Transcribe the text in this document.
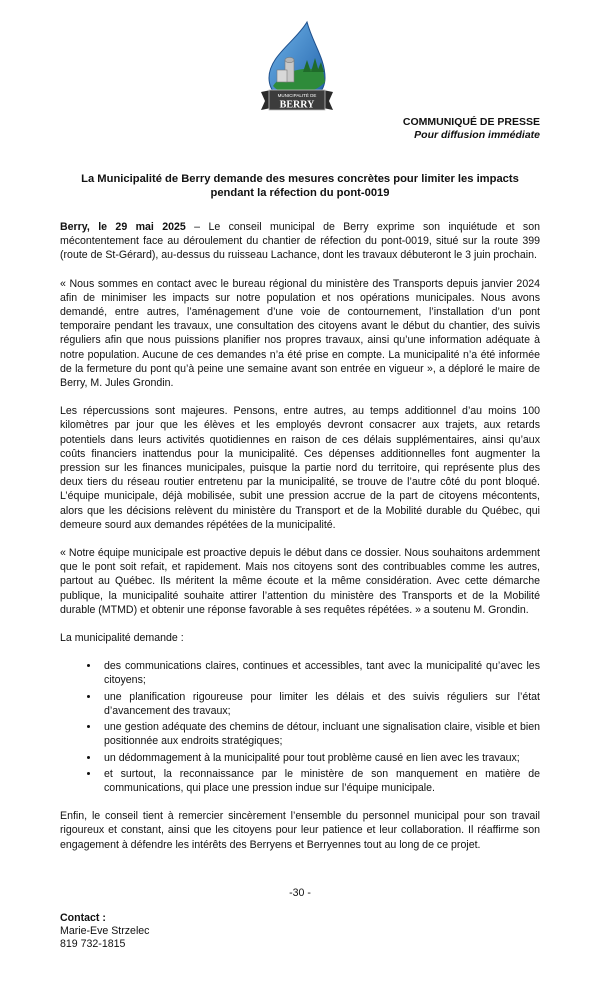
MUNICIPALITÉ DE
BERRY
COMMUNIQUÉ DE PRESSE
Pour diffusion immédiate
La Municipalité de Berry demande des mesures concrètes pour limiter les impacts pendant la réfection du pont-0019

Berry, le 29 mai 2025 – Le conseil municipal de Berry exprime son inquiétude et son mécontentement face au déroulement du chantier de réfection du pont-0019, situé sur la route 399 (route de St-Gérard), au-dessus du ruisseau Lachance, dont les travaux débuteront le 3 juin prochain.

« Nous sommes en contact avec le bureau régional du ministère des Transports depuis janvier 2024 afin de minimiser les impacts sur notre population et nos opérations municipales. Nous avons demandé, entre autres, l’aménagement d’une voie de contournement, l’installation d’un pont temporaire pendant les travaux, une consultation des citoyens avant le début du chantier, des suivis réguliers afin que nous puissions planifier nos propres travaux, ainsi qu’une information adéquate à notre population. Aucune de ces demandes n’a été prise en compte. La municipalité n’a été informée de la fermeture du pont qu’à peine une semaine avant son entrée en vigueur », a déploré le maire de Berry, M. Jules Grondin.

Les répercussions sont majeures. Pensons, entre autres, au temps additionnel d’au moins 100 kilomètres par jour que les élèves et les employés devront consacrer aux trajets, aux retards potentiels dans leurs activités quotidiennes en raison de ces délais supplémentaires, ainsi qu’aux coûts financiers inattendus pour la municipalité. Ces dépenses additionnelles font augmenter la pression sur les finances municipales, puisque la partie nord du territoire, qui représente plus des deux tiers du réseau routier entretenu par la municipalité, se trouve de l’autre côté du pont bloqué. L’équipe municipale, déjà mobilisée, subit une pression accrue de la part de citoyens mécontents, alors que les décisions relèvent du ministère du Transport et de la Mobilité durable du Québec, qui demeure sourd aux demandes répétées de la municipalité.

« Notre équipe municipale est proactive depuis le début dans ce dossier. Nous souhaitons ardemment que le pont soit refait, et rapidement. Mais nos citoyens sont des contribuables comme les autres, partout au Québec. Ils méritent la même écoute et la même considération. Avec cette démarche publique, la municipalité souhaite attirer l’attention du ministère des Transports et de la Mobilité durable (MTMD) et obtenir une réponse favorable à ses requêtes répétées. » a soutenu M. Grondin.

La municipalité demande :

• des communications claires, continues et accessibles, tant avec la municipalité qu’avec les citoyens;
• une planification rigoureuse pour limiter les délais et des suivis réguliers sur l’état d’avancement des travaux;
• une gestion adéquate des chemins de détour, incluant une signalisation claire, visible et bien positionnée aux endroits stratégiques;
• un dédommagement à la municipalité pour tout problème causé en lien avec les travaux;
• et surtout, la reconnaissance par le ministère de son manquement en matière de communications, qui place une pression indue sur l’équipe municipale.

Enfin, le conseil tient à remercier sincèrement l’ensemble du personnel municipal pour son travail rigoureux et constant, ainsi que les citoyens pour leur patience et leur collaboration. Il réaffirme son engagement à défendre les intérêts des Berryens et Berryennes tout au long de ce projet.

-30 -
Contact :
Marie-Eve Strzelec
819 732-1815
